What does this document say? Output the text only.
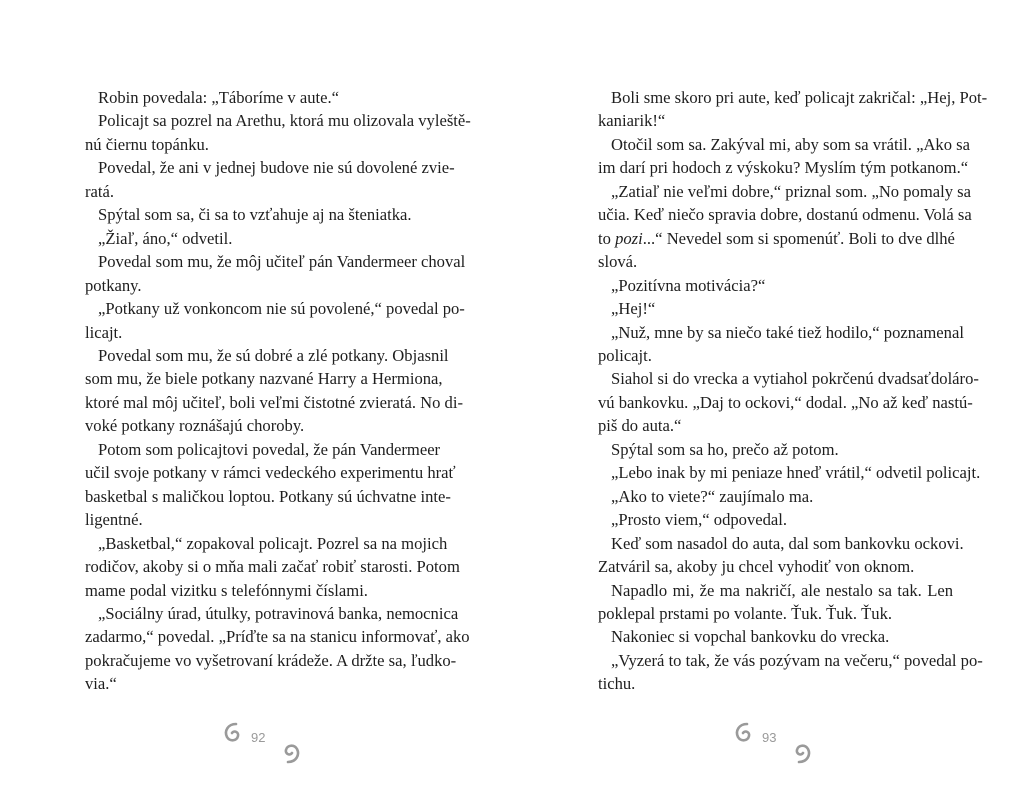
Robin povedala: „Táboríme v aute.“

Policajt sa pozrel na Arethu, ktorá mu olizovala vyleště-
nú čiernu topánku.

Povedal, že ani v jednej budove nie sú dovolené zvie-
ratá.

Spýtal som sa, či sa to vzťahuje aj na šteniatka.

„Žiaľ, áno,“ odvetil.

Povedal som mu, že môj učiteľ pán Vandermeer choval
potkany.

„Potkany už vonkoncom nie sú povolené,“ povedal po-
licajt.

Povedal som mu, že sú dobré a zlé potkany. Objasnil
som mu, že biele potkany nazvané Harry a Hermiona,
ktoré mal môj učiteľ, boli veľmi čistotné zvieratá. No di-
voké potkany roznášajú choroby.

Potom som policajtovi povedal, že pán Vandermeer
učil svoje potkany v rámci vedeckého experimentu hrať
basketbal s maličkou loptou. Potkany sú úchvatne inte-
ligentné.

„Basketbal,“ zopakoval policajt. Pozrel sa na mojich
rodičov, akoby si o mňa mali začať robiť starosti. Potom
mame podal vizitku s telefónnymi číslami.

„Sociálny úrad, útulky, potravinová banka, nemocnica
zadarmo,“ povedal. „Príďte sa na stanicu informovať, ako
pokračujeme vo vyšetrovaní krádeže. A držte sa, ľudko-
via.“

Boli sme skoro pri aute, keď policajt zakričal: „Hej, Pot-
kaniarik!“

Otočil som sa. Zakýval mi, aby som sa vrátil. „Ako sa
im darí pri hodoch z výskoku? Myslím tým potkanom.“

„Zatiaľ nie veľmi dobre,“ priznal som. „No pomaly sa
učia. Keď niečo spravia dobre, dostanú odmenu. Volá sa
to pozi...“ Nevedel som si spomenúť. Boli to dve dlhé
slová.

„Pozitívna motivácia?“

„Hej!“

„Nuž, mne by sa niečo také tiež hodilo,“ poznamenal
policajt.

Siahol si do vrecka a vytiahol pokrčenú dvadsaťdoláro-
vú bankovku. „Daj to ockovi,“ dodal. „No až keď nastú-
piš do auta.“

Spýtal som sa ho, prečo až potom.

„Lebo inak by mi peniaze hneď vrátil,“ odvetil policajt.

„Ako to viete?“ zaujímalo ma.

„Prosto viem,“ odpovedal.

Keď som nasadol do auta, dal som bankovku ockovi.
Zatváril sa, akoby ju chcel vyhodiť von oknom.

Napadlo mi, že ma nakričí, ale nestalo sa tak. Len
poklepal prstami po volante. Ťuk. Ťuk. Ťuk.

Nakoniec si vopchal bankovku do vrecka.

„Vyzerá to tak, že vás pozývam na večeru,“ povedal po-
tichu.

92	93
